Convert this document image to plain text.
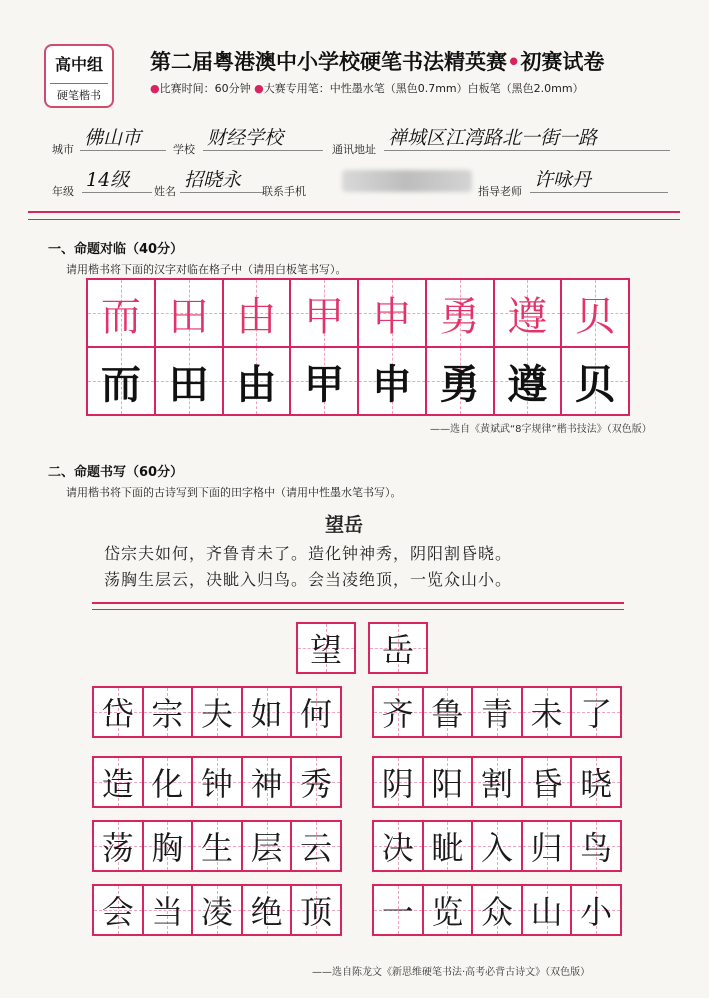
高中组
硬笔楷书
第二届粤港澳中小学校硬笔书法精英赛•初赛试卷
●比赛时间：60分钟 ●大赛专用笔：中性墨水笔（黑色0.7mm）白板笔（黑色2.0mm）
城市
佛山市
学校
财经学校
通讯地址
禅城区江湾路北一街一路
年级
14级
姓名
招晓永
联系手机	指导老师
许咏丹
一、命题对临（40分）
请用楷书将下面的汉字对临在格子中（请用白板笔书写）。
而 田 由 甲 申 勇 遵 贝
而 田 由 甲 申 勇 遵 贝
——选自《黄斌武“8字规律”楷书技法》（双色版）
二、命题书写（60分）
请用楷书将下面的古诗写到下面的田字格中（请用中性墨水笔书写）。
望岳
岱宗夫如何，齐鲁青未了。造化钟神秀，阴阳割昏晓。
荡胸生层云，决眦入归鸟。会当凌绝顶，一览众山小。
望 岳
岱 宗 夫 如 何 齐 鲁 青 未 了
造 化 钟 神 秀 阴 阳 割 昏 晓
荡 胸 生 层 云 决 眦 入 归 鸟
会 当 凌 绝 顶 一 览 众 山 小
——选自陈龙文《新思维硬笔书法·高考必背古诗文》（双色版）
